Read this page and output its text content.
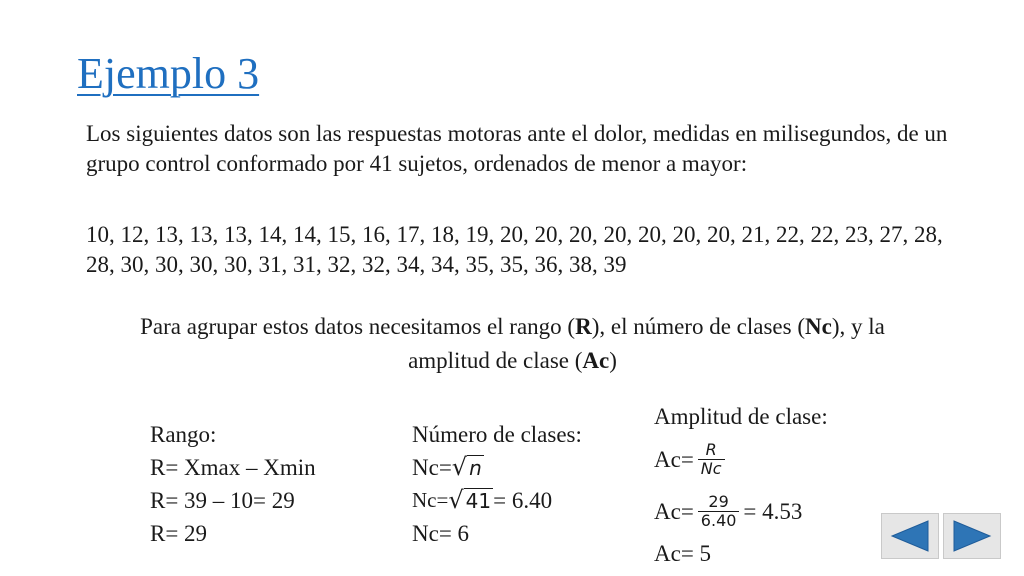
Ejemplo 3
Los siguientes datos son las respuestas motoras ante el dolor, medidas en milisegundos, de un grupo control conformado por 41 sujetos, ordenados de menor a mayor:
10, 12, 13, 13, 13, 14, 14, 15, 16, 17, 18, 19, 20, 20, 20, 20, 20, 20, 20, 21, 22, 22, 23, 27, 28, 28, 30, 30, 30, 30, 31, 31, 32, 32, 34, 34, 35, 35, 36, 38, 39
Para agrupar estos datos necesitamos el rango (R), el número de clases (Nc), y la amplitud de clase (Ac)
Rango:
R= Xmax – Xmin
R= 39 – 10= 29
R= 29
Número de clases:
Nc= √ n
Nc= √ 41 = 6.40
Nc= 6
Amplitud de clase:
$Ac= \frac{R}{Nc}$
$Ac= \frac{29}{6.40} = 4.53$
Ac= 5
